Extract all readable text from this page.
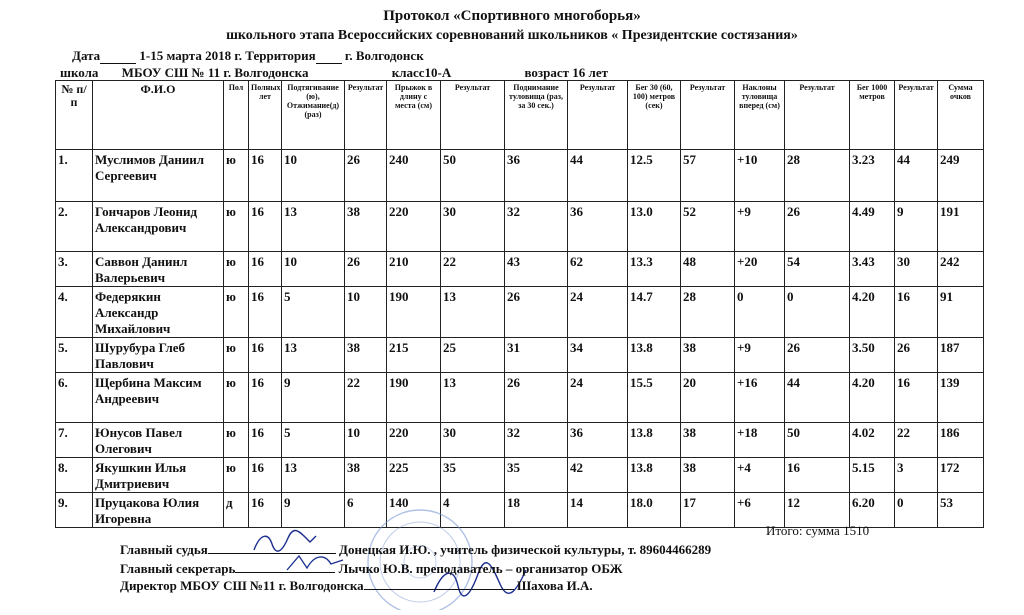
Протокол «Спортивного многоборья»
школьного этапа Всероссийских соревнований школьников « Президентские состязания»
Дата	1-15 марта 2018 г. Территория г. Волгодонск
школа МБОУ СШ № 11 г. Волгодонска	класс10-А	возраст 16 лет
№ п/п	Ф.И.О	Пол	Полных лет	Подтягивание (ю), Отжимание(д) (раз)	Результат	Прыжок в длину с места (см)	Результат	Поднимание туловища (раз, за 30 сек.)	Результат	Бег 30 (60, 100) метров (сек)	Результат	Наклоны туловища вперед (см)	Результат	Бег 1000 метров	Результат	Сумма очков
1.	Муслимов Даниил Сергеевич	ю	16	10	26	240	50	36	44	12.5	57	+10	28	3.23	44	249
2.	Гончаров Леонид Александрович	ю	16	13	38	220	30	32	36	13.0	52	+9	26	4.49	9	191
3.	Саввон Данинл Валерьевич	ю	16	10	26	210	22	43	62	13.3	48	+20	54	3.43	30	242
4.	Федерякин Александр Михайлович	ю	16	5	10	190	13	26	24	14.7	28	0	0	4.20	16	91
5.	Шурубура Глеб Павлович	ю	16	13	38	215	25	31	34	13.8	38	+9	26	3.50	26	187
6.	Щербина Максим Андреевич	ю	16	9	22	190	13	26	24	15.5	20	+16	44	4.20	16	139
7.	Юнусов Павел Олегович	ю	16	5	10	220	30	32	36	13.8	38	+18	50	4.02	22	186
8.	Якушкин Илья Дмитриевич	ю	16	13	38	225	35	35	42	13.8	38	+4	16	5.15	3	172
9.	Пруцакова Юлия Игоревна	д	16	9	6	140	4	18	14	18.0	17	+6	12	6.20	0	53
Итого: сумма 1510
Главный судья	Донецкая И.Ю. , учитель физической культуры, т. 89604466289
Главный секретарь	Лычко Ю.В. преподаватель – организатор ОБЖ
Директор МБОУ СШ №11 г. Волгодонска	Шахова И.А.
